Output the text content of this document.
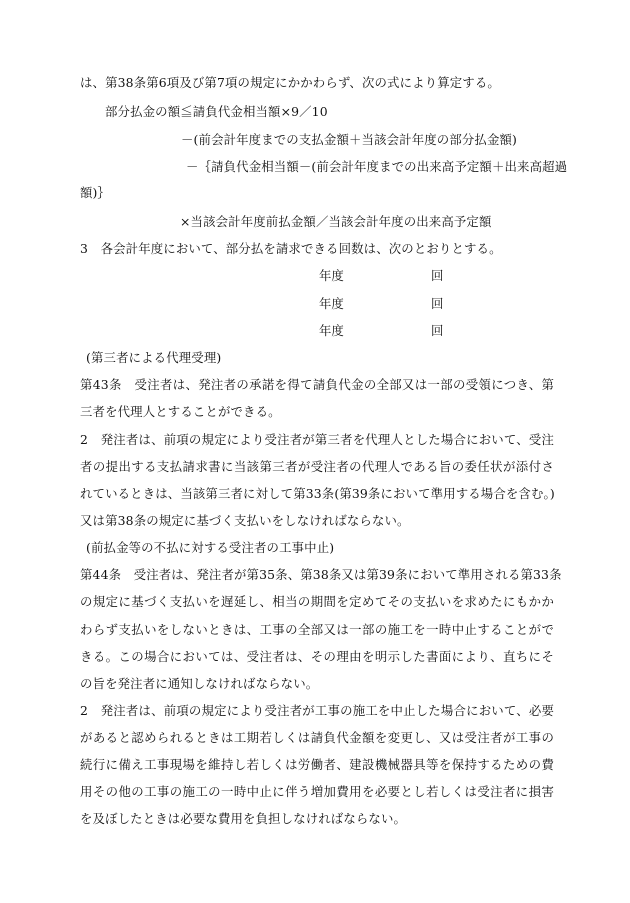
は、第38条第6項及び第7項の規定にかかわらず、次の式により算定する。
部分払金の額≦請負代金相当額×9／10
－(前会計年度までの支払金額＋当該会計年度の部分払金額)
－｛請負代金相当額－(前会計年度までの出来高予定額＋出来高超過
額)｝
×当該会計年度前払金額／当該会計年度の出来高予定額
3　各会計年度において、部分払を請求できる回数は、次のとおりとする。
年度	回
年度	回
年度	回
(第三者による代理受理)
第43条　受注者は、発注者の承諾を得て請負代金の全部又は一部の受領につき、第
三者を代理人とすることができる。
2　発注者は、前項の規定により受注者が第三者を代理人とした場合において、受注
者の提出する支払請求書に当該第三者が受注者の代理人である旨の委任状が添付さ
れているときは、当該第三者に対して第33条(第39条において準用する場合を含む。)
又は第38条の規定に基づく支払いをしなければならない。
(前払金等の不払に対する受注者の工事中止)
第44条　受注者は、発注者が第35条、第38条又は第39条において準用される第33条
の規定に基づく支払いを遅延し、相当の期間を定めてその支払いを求めたにもかか
わらず支払いをしないときは、工事の全部又は一部の施工を一時中止することがで
きる。この場合においては、受注者は、その理由を明示した書面により、直ちにそ
の旨を発注者に通知しなければならない。
2　発注者は、前項の規定により受注者が工事の施工を中止した場合において、必要
があると認められるときは工期若しくは請負代金額を変更し、又は受注者が工事の
続行に備え工事現場を維持し若しくは労働者、建設機械器具等を保持するための費
用その他の工事の施工の一時中止に伴う増加費用を必要とし若しくは受注者に損害
を及ぼしたときは必要な費用を負担しなければならない。
